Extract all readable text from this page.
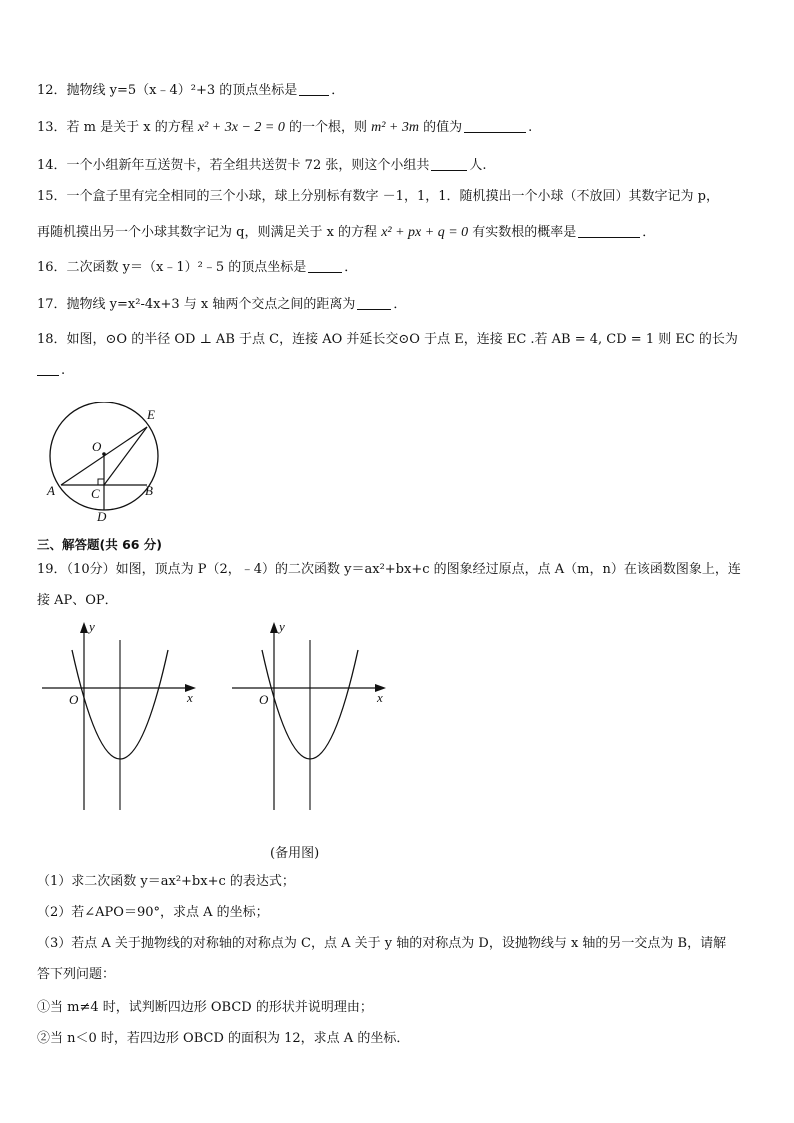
12．抛物线 y=5（x﹣4）²+3 的顶点坐标是	．
13．若 m 是关于 x 的方程 x² + 3x − 2 = 0 的一个根，则 m² + 3m 的值为	.
14．一个小组新年互送贺卡，若全组共送贺卡 72 张，则这个小组共	人.
15．一个盒子里有完全相同的三个小球，球上分别标有数字 －1，1，1．随机摸出一个小球（不放回）其数字记为 p，
再随机摸出另一个小球其数字记为 q，则满足关于 x 的方程 x² + px + q = 0 有实数根的概率是	．
16．二次函数 y＝（x﹣1）²﹣5 的顶点坐标是	．
17．抛物线 y=x²-4x+3 与 x 轴两个交点之间的距离为	．
18．如图，⊙O 的半径 OD ⊥ AB 于点 C，连接 AO 并延长交⊙O 于点 E，连接 EC .若 AB = 4, CD = 1 则 EC 的长为
.
E
O
A	C	B
D
三、解答题(共 66 分)
19．（10分）如图，顶点为 P（2，﹣4）的二次函数 y＝ax²+bx+c 的图象经过原点，点 A（m，n）在该函数图象上，连
接 AP、OP．
y
x
O
y
x
O
(备用图)
（1）求二次函数 y＝ax²+bx+c 的表达式；
（2）若∠APO＝90°，求点 A 的坐标；
（3）若点 A 关于抛物线的对称轴的对称点为 C，点 A 关于 y 轴的对称点为 D，设抛物线与 x 轴的另一交点为 B，请解
答下列问题：
①当 m≠4 时，试判断四边形 OBCD 的形状并说明理由；
②当 n＜0 时，若四边形 OBCD 的面积为 12，求点 A 的坐标．
